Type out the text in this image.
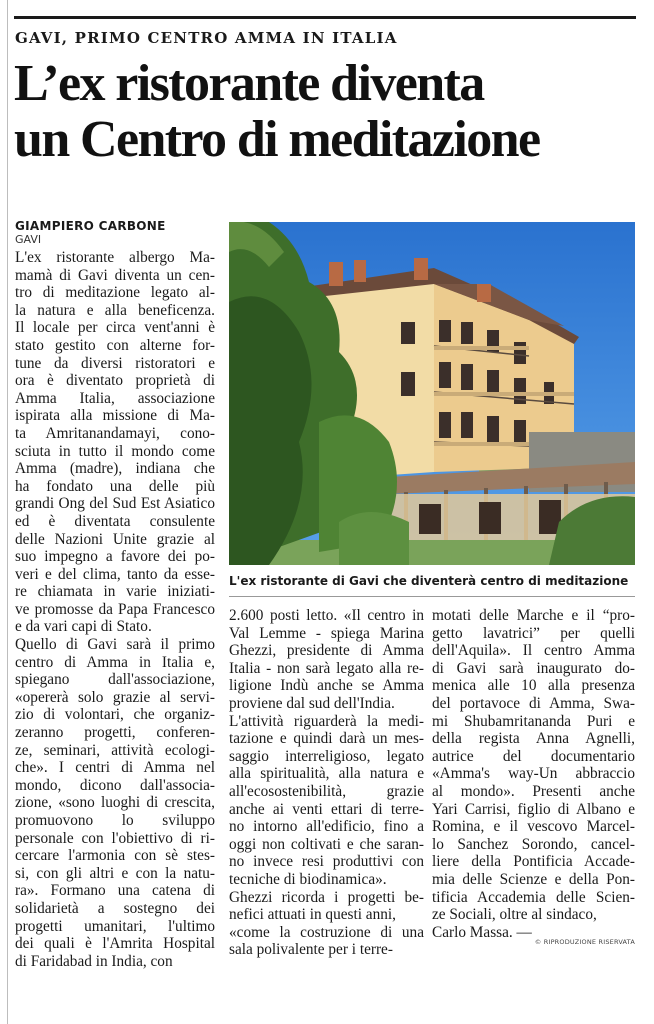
GAVI, PRIMO CENTRO AMMA IN ITALIA
L’ex ristorante diventa
un Centro di meditazione
GIAMPIERO CARBONE
GAVI
L'ex ristorante albergo Ma-
mamà di Gavi diventa un cen-
tro di meditazione legato al-
la natura e alla beneficenza.
Il locale per circa vent'anni è
stato gestito con alterne for-
tune da diversi ristoratori e
ora è diventato proprietà di
Amma Italia, associazione
ispirata alla missione di Ma-
ta Amritanandamayi, cono-
sciuta in tutto il mondo come
Amma (madre), indiana che
ha fondato una delle più
grandi Ong del Sud Est Asiatico
ed è diventata consulente
delle Nazioni Unite grazie al
suo impegno a favore dei po-
veri e del clima, tanto da esse-
re chiamata in varie iniziati-
ve promosse da Papa Francesco
e da vari capi di Stato.
Quello di Gavi sarà il primo
centro di Amma in Italia e,
spiegano dall'associazione,
«opererà solo grazie al servi-
zio di volontari, che organiz-
zeranno progetti, conferen-
ze, seminari, attività ecologi-
che». I centri di Amma nel
mondo, dicono dall'associa-
zione, «sono luoghi di crescita,
promuovono lo sviluppo
personale con l'obiettivo di ri-
cercare l'armonia con sè stes-
si, con gli altri e con la natu-
ra». Formano una catena di
solidarietà a sostegno dei
progetti umanitari, l'ultimo
dei quali è l'Amrita Hospital
di Faridabad in India, con
2.600 posti letto. «Il centro in
Val Lemme - spiega Marina
Ghezzi, presidente di Amma
Italia - non sarà legato alla re-
ligione Indù anche se Amma
proviene dal sud dell'India.
L'attività riguarderà la medi-
tazione e quindi darà un mes-
saggio interreligioso, legato
alla spiritualità, alla natura e
all'ecosostenibilità, grazie
anche ai venti ettari di terre-
no intorno all'edificio, fino a
oggi non coltivati e che saran-
no invece resi produttivi con
tecniche di biodinamica».
Ghezzi ricorda i progetti be-
nefici attuati in questi anni,
«come la costruzione di una
sala polivalente per i terre-
motati delle Marche e il “pro-
getto lavatrici” per quelli
dell'Aquila». Il centro Amma
di Gavi sarà inaugurato do-
menica alle 10 alla presenza
del portavoce di Amma, Swa-
mi Shubamritananda Puri e
della regista Anna Agnelli,
autrice del documentario
«Amma's way-Un abbraccio
al mondo». Presenti anche
Yari Carrisi, figlio di Albano e
Romina, e il vescovo Marcel-
lo Sanchez Sorondo, cancel-
liere della Pontificia Accade-
mia delle Scienze e della Pon-
tificia Accademia delle Scien-
ze Sociali, oltre al sindaco,
Carlo Massa. —
L'ex ristorante di Gavi che diventerà centro di meditazione
© RIPRODUZIONE RISERVATA
